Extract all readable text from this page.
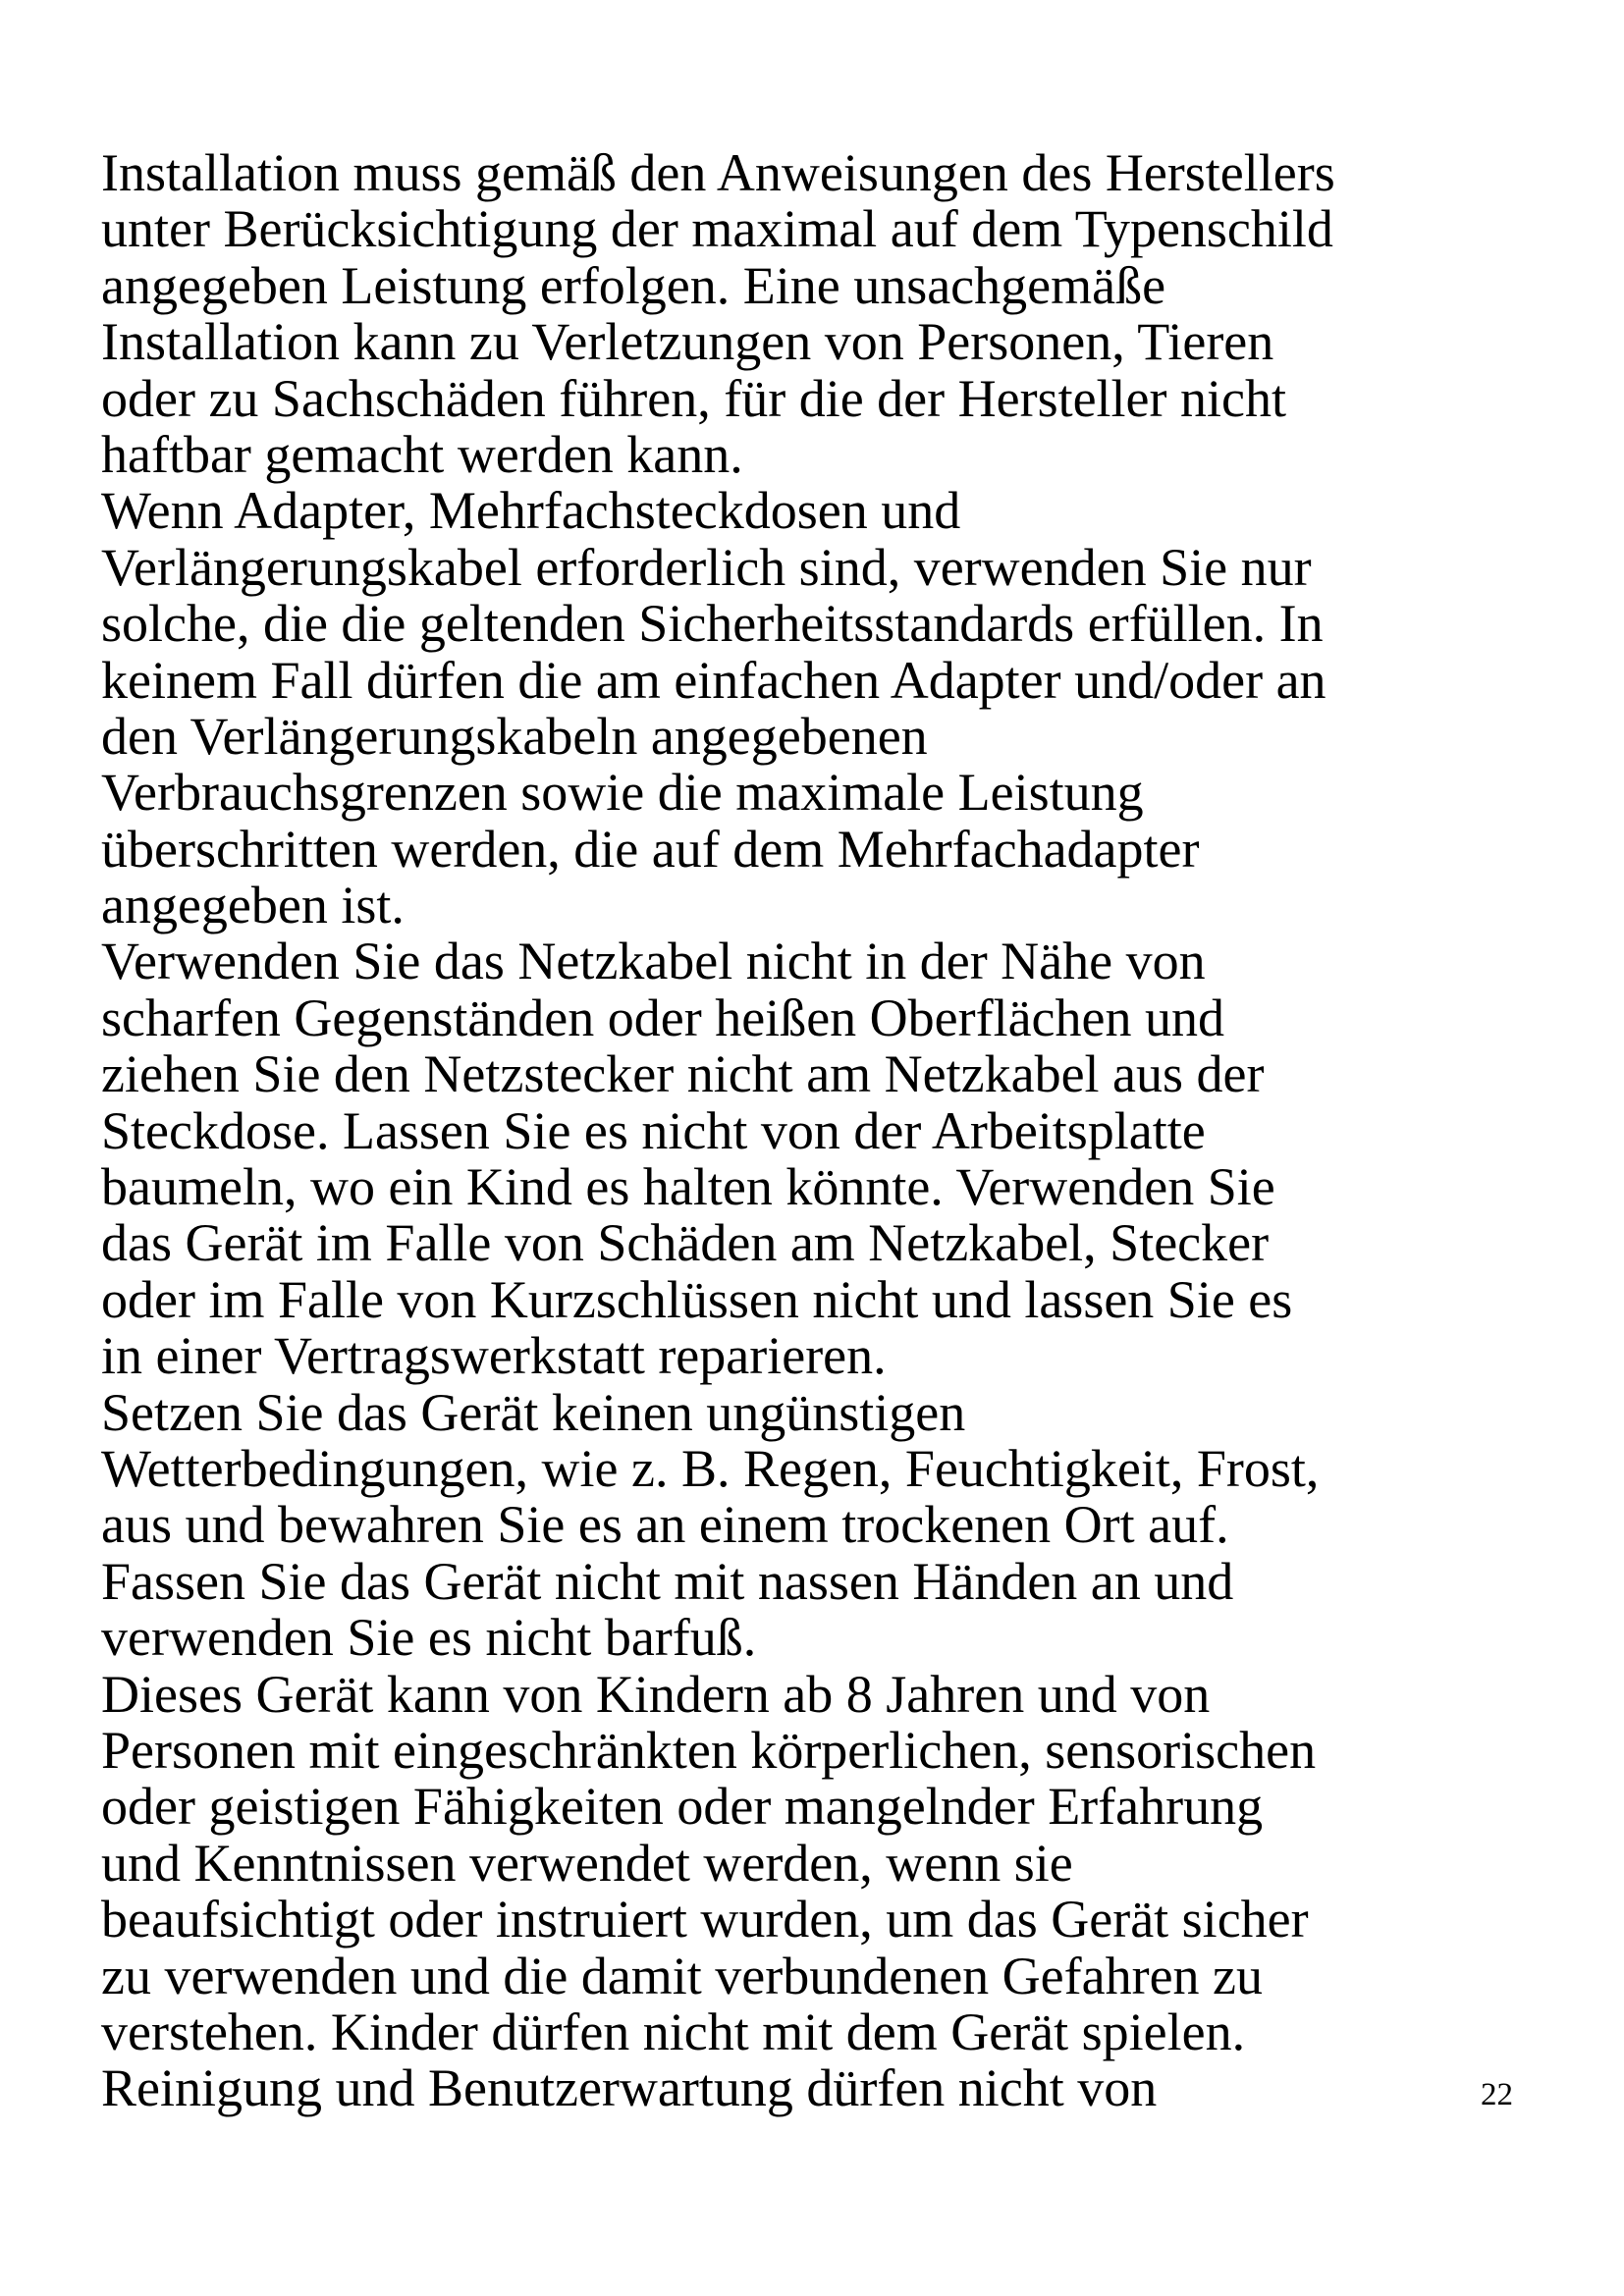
Installation muss gemäß den Anweisungen des Herstellers
unter Berücksichtigung der maximal auf dem Typenschild
angegeben Leistung erfolgen. Eine unsachgemäße
Installation kann zu Verletzungen von Personen, Tieren
oder zu Sachschäden führen, für die der Hersteller nicht
haftbar gemacht werden kann.
Wenn Adapter, Mehrfachsteckdosen und
Verlängerungskabel erforderlich sind, verwenden Sie nur
solche, die die geltenden Sicherheitsstandards erfüllen. In
keinem Fall dürfen die am einfachen Adapter und/oder an
den Verlängerungskabeln angegebenen
Verbrauchsgrenzen sowie die maximale Leistung
überschritten werden, die auf dem Mehrfachadapter
angegeben ist.
Verwenden Sie das Netzkabel nicht in der Nähe von
scharfen Gegenständen oder heißen Oberflächen und
ziehen Sie den Netzstecker nicht am Netzkabel aus der
Steckdose. Lassen Sie es nicht von der Arbeitsplatte
baumeln, wo ein Kind es halten könnte. Verwenden Sie
das Gerät im Falle von Schäden am Netzkabel, Stecker
oder im Falle von Kurzschlüssen nicht und lassen Sie es
in einer Vertragswerkstatt reparieren.
Setzen Sie das Gerät keinen ungünstigen
Wetterbedingungen, wie z. B. Regen, Feuchtigkeit, Frost,
aus und bewahren Sie es an einem trockenen Ort auf.
Fassen Sie das Gerät nicht mit nassen Händen an und
verwenden Sie es nicht barfuß.
Dieses Gerät kann von Kindern ab 8 Jahren und von
Personen mit eingeschränkten körperlichen, sensorischen
oder geistigen Fähigkeiten oder mangelnder Erfahrung
und Kenntnissen verwendet werden, wenn sie
beaufsichtigt oder instruiert wurden, um das Gerät sicher
zu verwenden und die damit verbundenen Gefahren zu
verstehen. Kinder dürfen nicht mit dem Gerät spielen.
Reinigung und Benutzerwartung dürfen nicht von	22
